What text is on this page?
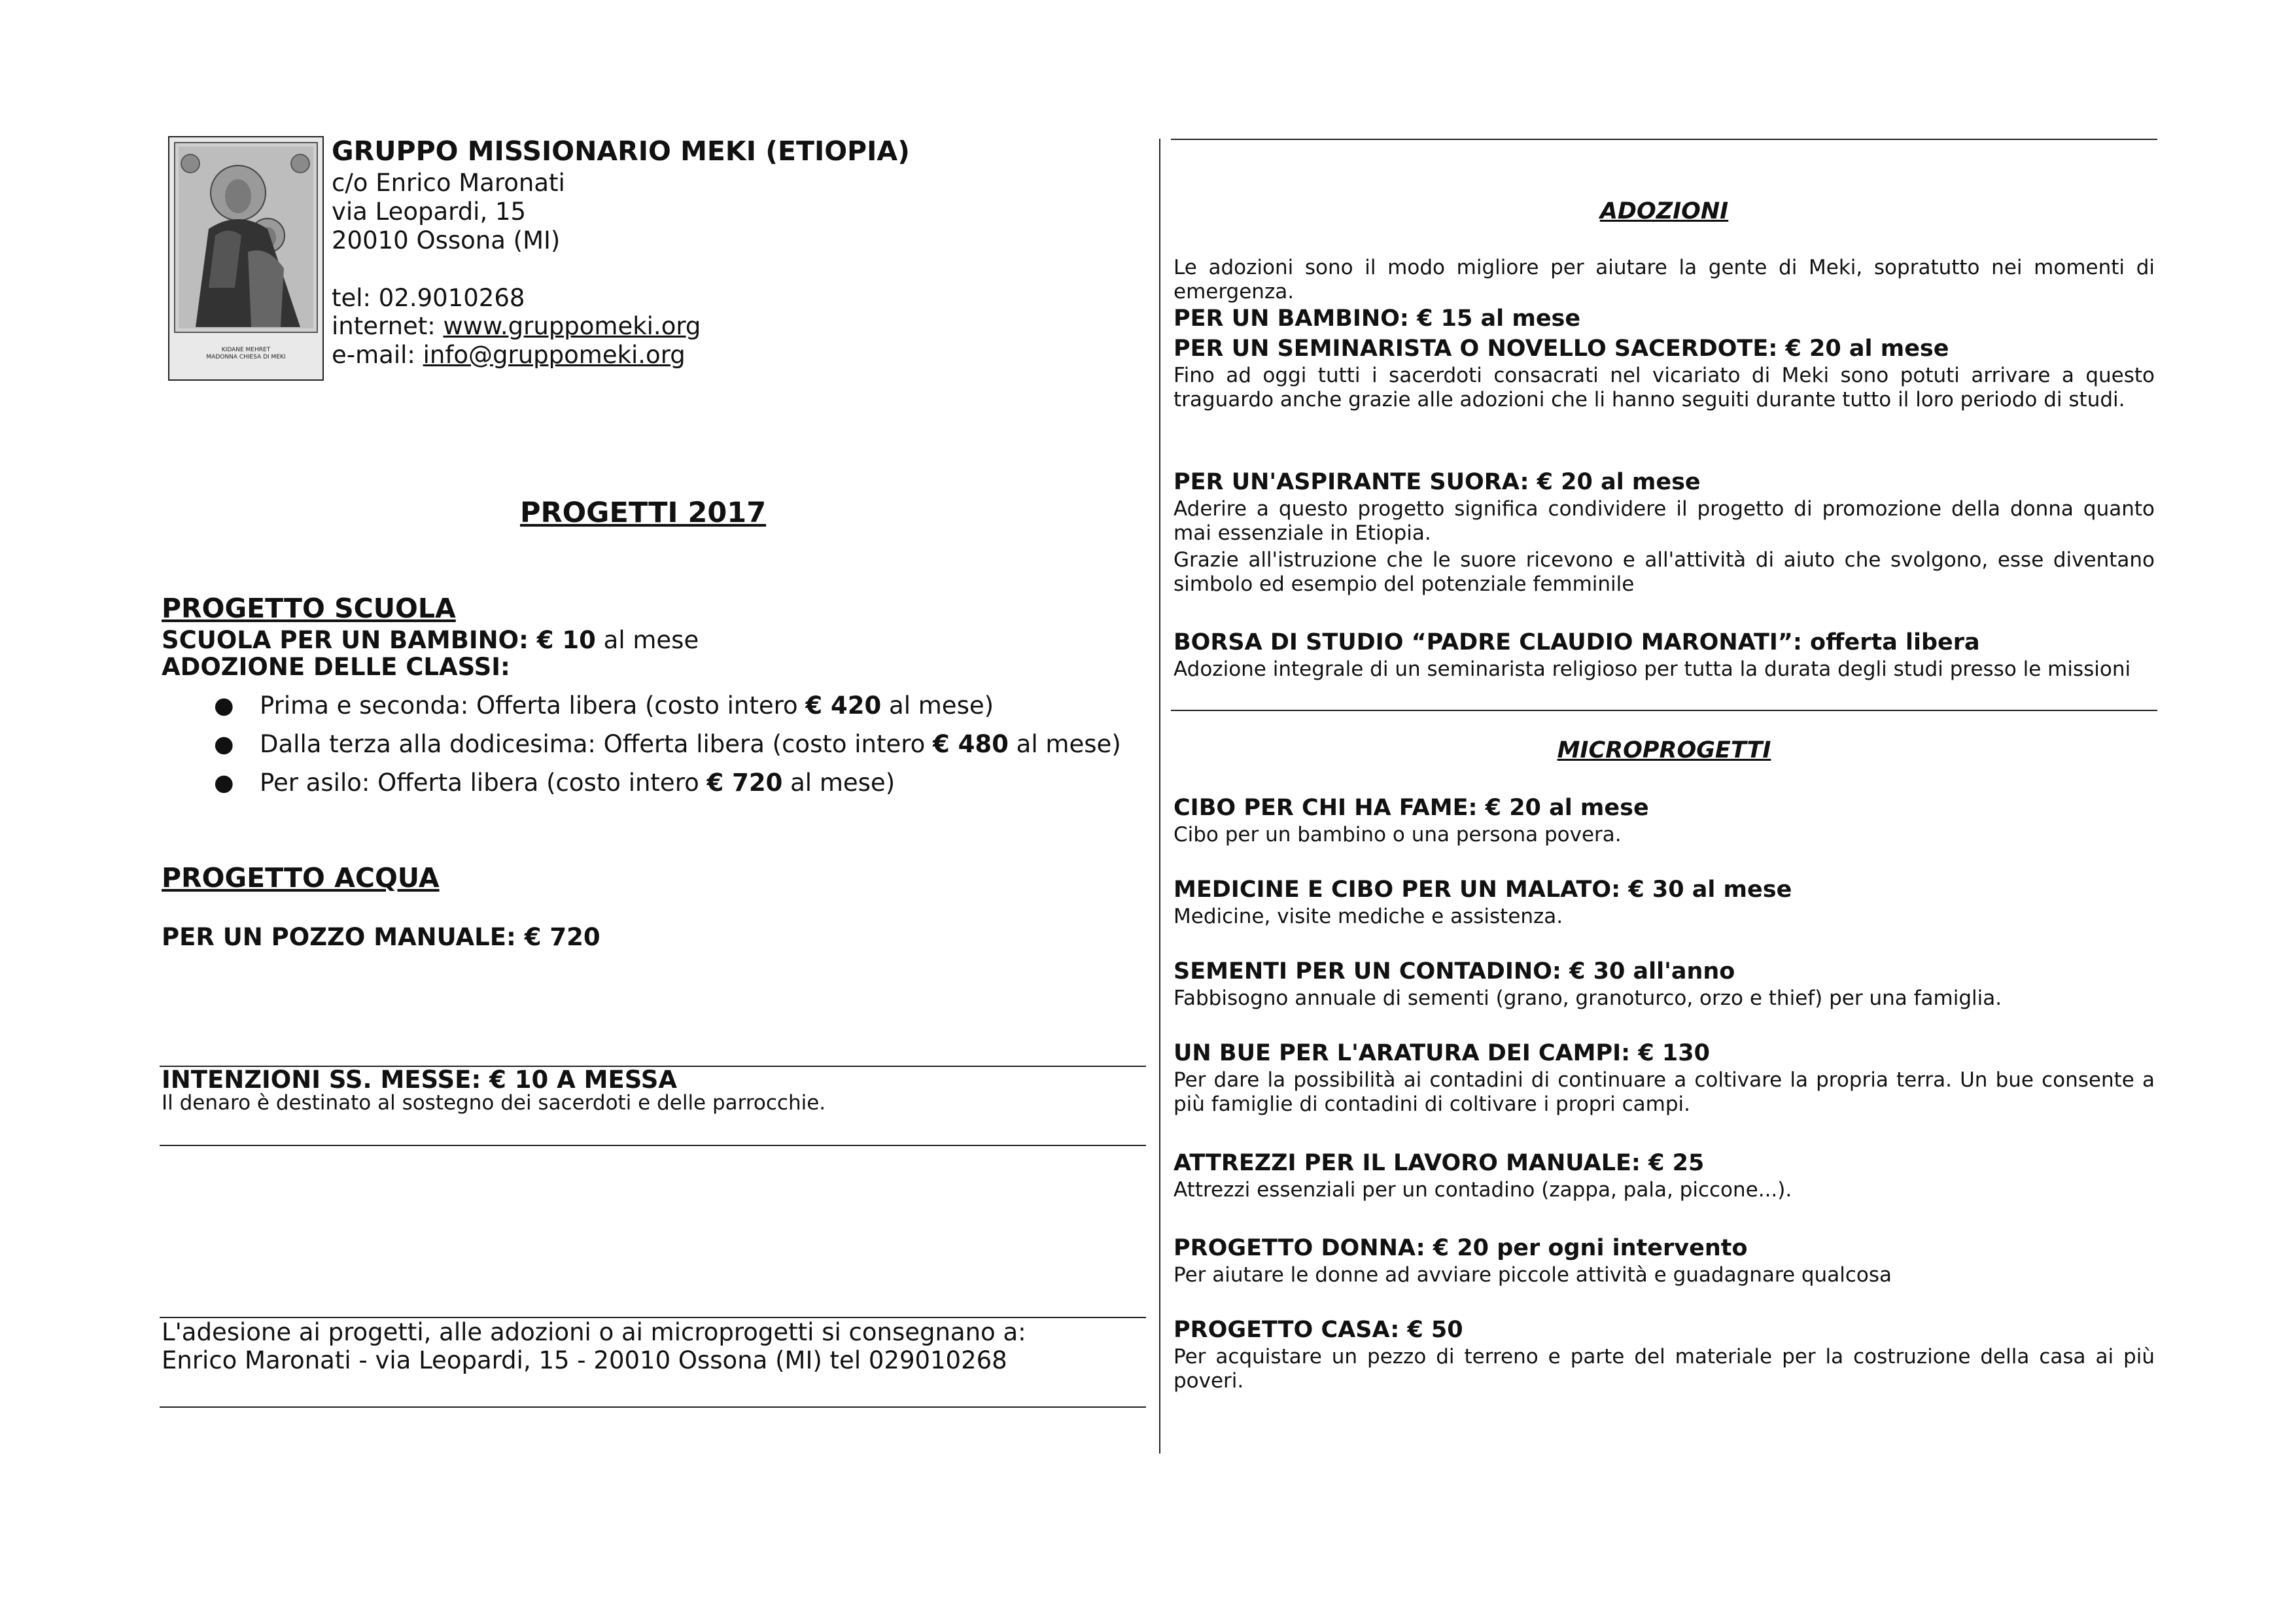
KIDANE MEHRET
MADONNA CHIESA DI MEKI
GRUPPO MISSIONARIO MEKI (ETIOPIA)
c/o Enrico Maronati
via Leopardi, 15
20010 Ossona (MI)
tel: 02.9010268
internet: www.gruppomeki.org
e-mail: info@gruppomeki.org
PROGETTI 2017
PROGETTO SCUOLA
SCUOLA PER UN BAMBINO: € 10 al mese
ADOZIONE DELLE CLASSI:
● Prima e seconda: Offerta libera (costo intero € 420 al mese)
● Dalla terza alla dodicesima: Offerta libera (costo intero € 480 al mese)
● Per asilo: Offerta libera (costo intero € 720 al mese)
PROGETTO ACQUA
PER UN POZZO MANUALE: € 720
INTENZIONI SS. MESSE: € 10 A MESSA
Il denaro è destinato al sostegno dei sacerdoti e delle parrocchie.
L'adesione ai progetti, alle adozioni o ai microprogetti si consegnano a:
Enrico Maronati - via Leopardi, 15 - 20010 Ossona (MI) tel 029010268
ADOZIONI
Le adozioni sono il modo migliore per aiutare la gente di Meki, sopratutto nei momenti di emergenza.
PER UN BAMBINO: € 15 al mese
PER UN SEMINARISTA O NOVELLO SACERDOTE: € 20 al mese
Fino ad oggi tutti i sacerdoti consacrati nel vicariato di Meki sono potuti arrivare a questo traguardo anche grazie alle adozioni che li hanno seguiti durante tutto il loro periodo di studi.
PER UN'ASPIRANTE SUORA: € 20 al mese
Aderire a questo progetto significa condividere il progetto di promozione della donna quanto mai essenziale in Etiopia.
Grazie all'istruzione che le suore ricevono e all'attività di aiuto che svolgono, esse diventano simbolo ed esempio del potenziale femminile
BORSA DI STUDIO “PADRE CLAUDIO MARONATI”: offerta libera
Adozione integrale di un seminarista religioso per tutta la durata degli studi presso le missioni
MICROPROGETTI
CIBO PER CHI HA FAME: € 20 al mese
Cibo per un bambino o una persona povera.
MEDICINE E CIBO PER UN MALATO: € 30 al mese
Medicine, visite mediche e assistenza.
SEMENTI PER UN CONTADINO: € 30 all'anno
Fabbisogno annuale di sementi (grano, granoturco, orzo e thief) per una famiglia.
UN BUE PER L'ARATURA DEI CAMPI: € 130
Per dare la possibilità ai contadini di continuare a coltivare la propria terra. Un bue consente a più famiglie di contadini di coltivare i propri campi.
ATTREZZI PER IL LAVORO MANUALE: € 25
Attrezzi essenziali per un contadino (zappa, pala, piccone...).
PROGETTO DONNA: € 20 per ogni intervento
Per aiutare le donne ad avviare piccole attività e guadagnare qualcosa
PROGETTO CASA: € 50
Per acquistare un pezzo di terreno e parte del materiale per la costruzione della casa ai più poveri.
